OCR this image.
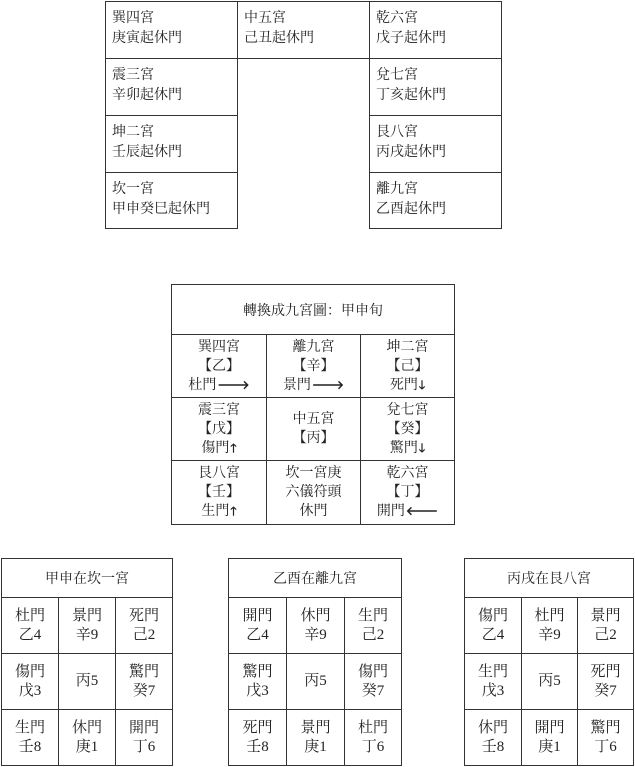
巽四宮
庚寅起休門
中五宮
己丑起休門
乾六宮
戊子起休門
震三宮
辛卯起休門
兌七宮
丁亥起休門
坤二宮
壬辰起休門
艮八宮
丙戌起休門
坎一宮
甲申癸巳起休門
離九宮
乙酉起休門
轉換成九宮圖：甲申旬
巽四宮
【乙】
杜門🡒
離九宮
【辛】
景門🡒
坤二宮
【己】
死門🡓
震三宮
【戊】
傷門🡑
中五宮
【丙】
兌七宮
【癸】
驚門🡓
艮八宮
【壬】
生門🡑
坎一宮庚
六儀符頭
休門
乾六宮
【丁】
開門🡐
甲申在坎一宮
杜門
乙4
景門
辛9
死門
己2
傷門
戊3
丙5
驚門
癸7
生門
壬8
休門
庚1
開門
丁6
乙酉在離九宮
開門
乙4
休門
辛9
生門
己2
驚門
戊3
丙5
傷門
癸7
死門
壬8
景門
庚1
杜門
丁6
丙戌在艮八宮
傷門
乙4
杜門
辛9
景門
己2
生門
戊3
丙5
死門
癸7
休門
壬8
開門
庚1
驚門
丁6
